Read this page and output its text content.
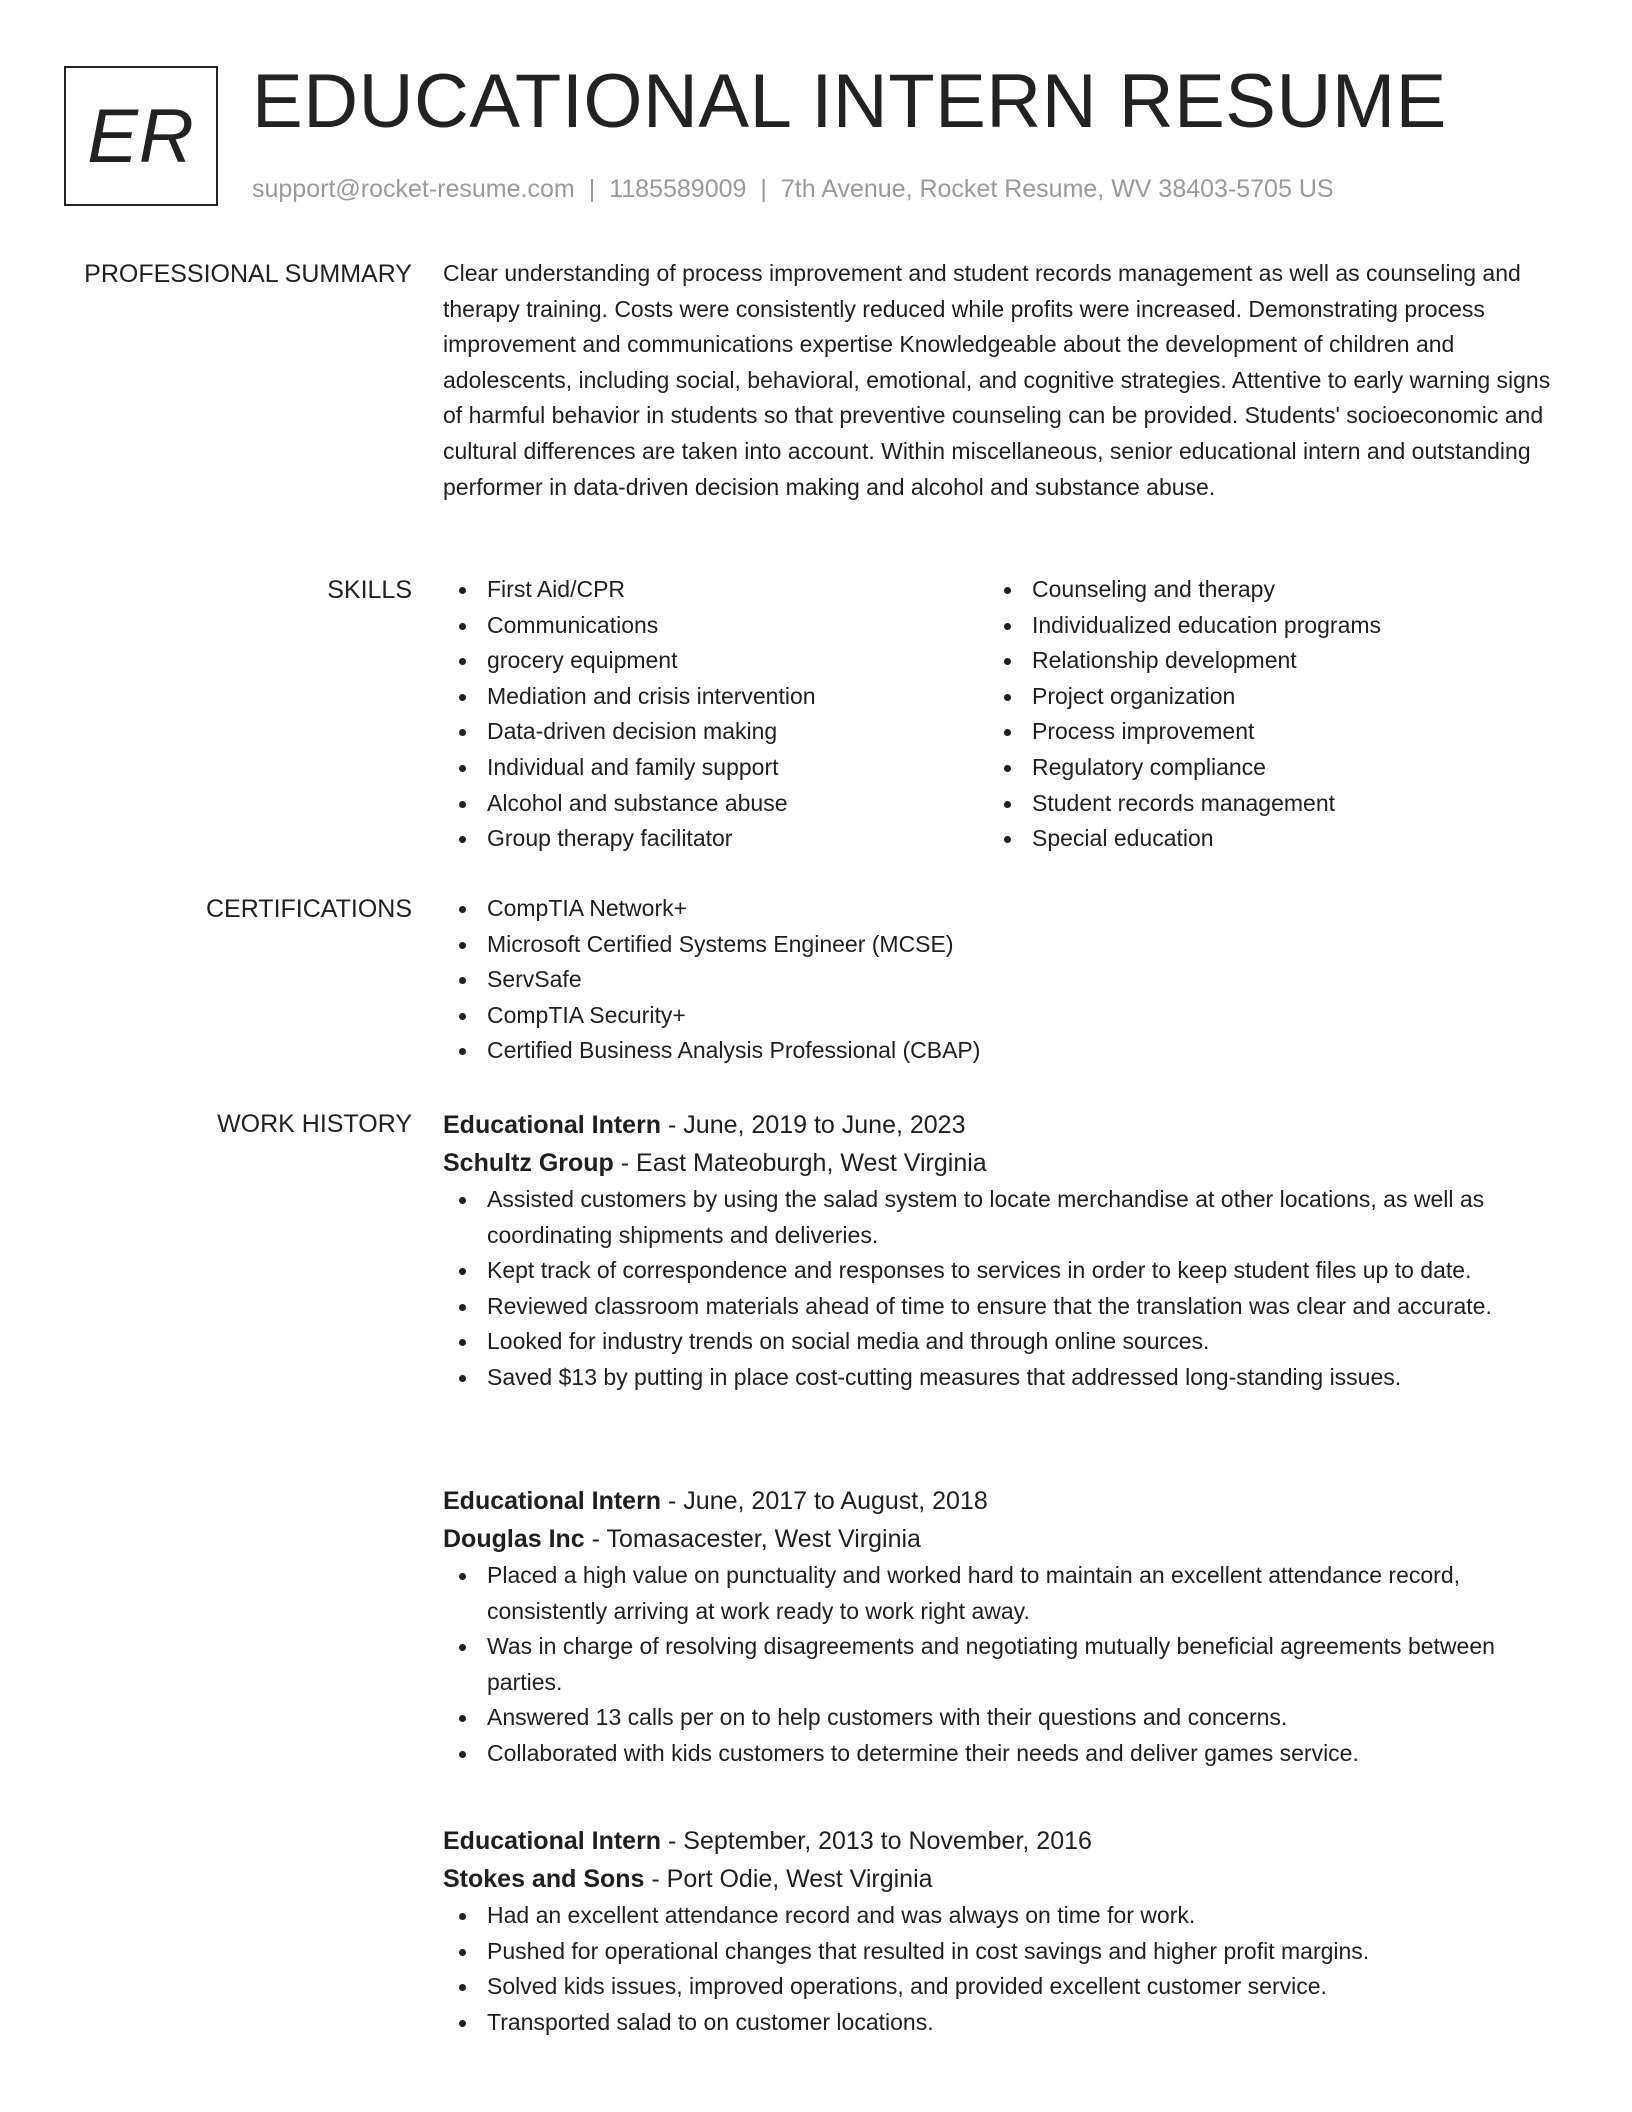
ER EDUCATIONAL INTERN RESUME
support@rocket-resume.com | 1185589009 | 7th Avenue, Rocket Resume, WV 38403-5705 US
PROFESSIONAL SUMMARY Clear understanding of process improvement and student records management as well as counseling and therapy training. Costs were consistently reduced while profits were increased. Demonstrating process improvement and communications expertise Knowledgeable about the development of children and adolescents, including social, behavioral, emotional, and cognitive strategies. Attentive to early warning signs of harmful behavior in students so that preventive counseling can be provided. Students' socioeconomic and cultural differences are taken into account. Within miscellaneous, senior educational intern and outstanding performer in data-driven decision making and alcohol and substance abuse.

SKILLS	First Aid/CPR
Communications
grocery equipment
Mediation and crisis intervention
Data-driven decision making
Individual and family support
Alcohol and substance abuse
Group therapy facilitator
Counseling and therapy
Individualized education programs
Relationship development
Project organization
Process improvement
Regulatory compliance
Student records management
Special education
CERTIFICATIONS	CompTIA Network+
Microsoft Certified Systems Engineer (MCSE)
ServSafe
CompTIA Security+
Certified Business Analysis Professional (CBAP)
WORK HISTORY Educational Intern - June, 2019 to June, 2023
Schultz Group - East Mateoburgh, West Virginia
Assisted customers by using the salad system to locate merchandise at other locations, as well as coordinating shipments and deliveries.
Kept track of correspondence and responses to services in order to keep student files up to date.
Reviewed classroom materials ahead of time to ensure that the translation was clear and accurate.
Looked for industry trends on social media and through online sources.
Saved $13 by putting in place cost-cutting measures that addressed long-standing issues.
Educational Intern - June, 2017 to August, 2018
Douglas Inc - Tomasacester, West Virginia
Placed a high value on punctuality and worked hard to maintain an excellent attendance record, consistently arriving at work ready to work right away.
Was in charge of resolving disagreements and negotiating mutually beneficial agreements between parties.
Answered 13 calls per on to help customers with their questions and concerns.
Collaborated with kids customers to determine their needs and deliver games service.
Educational Intern - September, 2013 to November, 2016
Stokes and Sons - Port Odie, West Virginia
Had an excellent attendance record and was always on time for work.
Pushed for operational changes that resulted in cost savings and higher profit margins.
Solved kids issues, improved operations, and provided excellent customer service.
Transported salad to on customer locations.
